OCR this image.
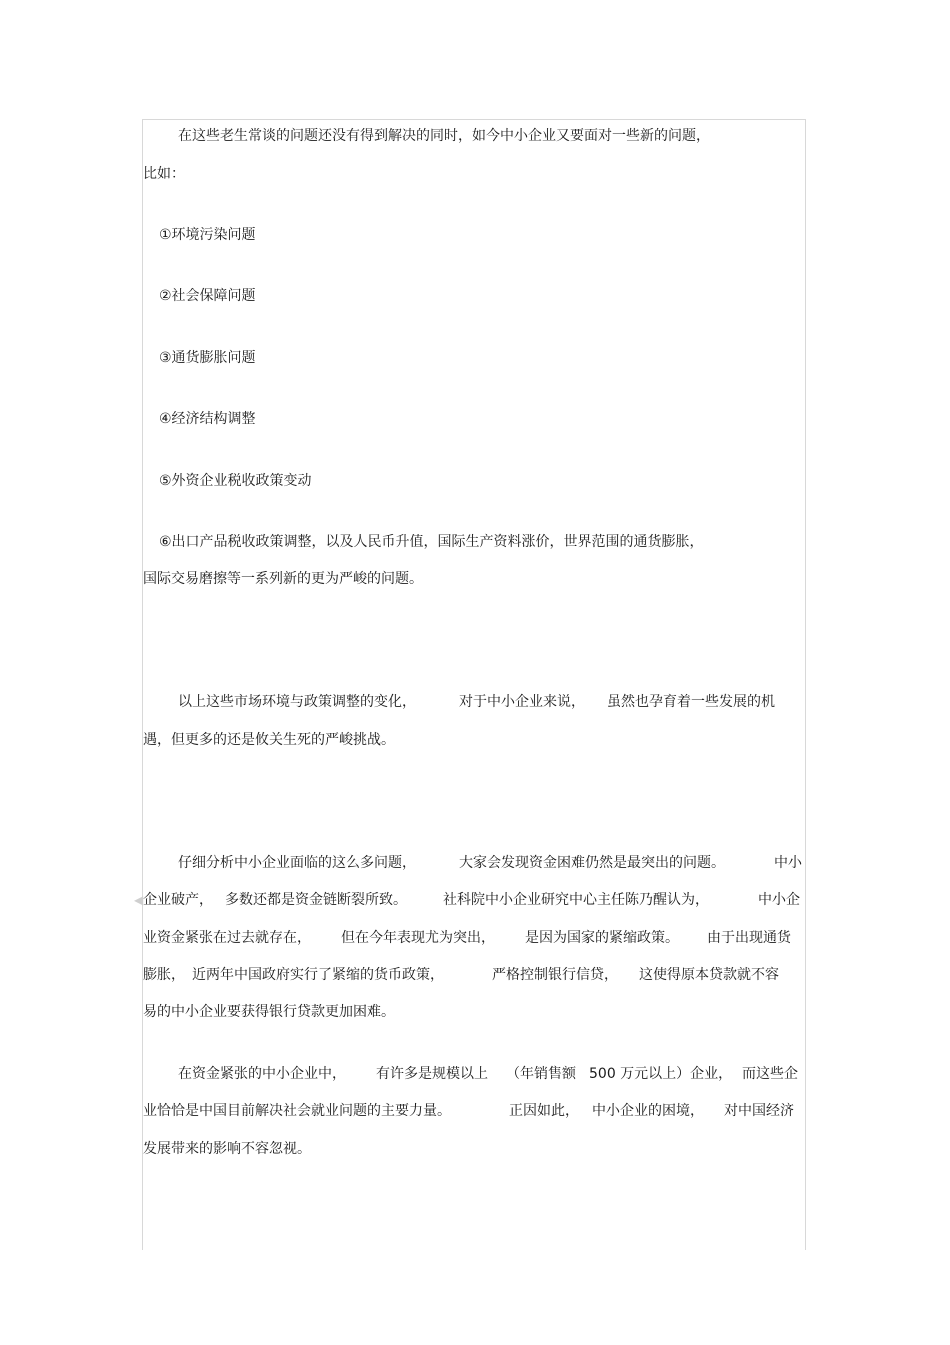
◀
在这些老生常谈的问题还没有得到解决的同时，如今中小企业又要面对一些新的问题，
比如：
①环境污染问题
②社会保障问题
③通货膨胀问题
④经济结构调整
⑤外资企业税收政策变动
⑥出口产品税收政策调整，以及人民币升值，国际生产资料涨价，世界范围的通货膨胀，
国际交易磨擦等一系列新的更为严峻的问题。
以上这些市场环境与政策调整的变化，	对于中小企业来说， 虽然也孕育着一些发展的机
遇，但更多的还是攸关生死的严峻挑战。
仔细分析中小企业面临的这么多问题，	大家会发现资金困难仍然是最突出的问题。	中小
企业破产， 多数还都是资金链断裂所致。	社科院中小企业研究中心主任陈乃醒认为，	中小企
业资金紧张在过去就存在， 但在今年表现尤为突出， 是因为国家的紧缩政策。 由于出现通货
膨胀， 近两年中国政府实行了紧缩的货币政策，	严格控制银行信贷， 这使得原本贷款就不容
易的中小企业要获得银行贷款更加困难。
在资金紧张的中小企业中， 有许多是规模以上 （年销售额 500 万元以上）企业， 而这些企
业恰恰是中国目前解决社会就业问题的主要力量。	正因如此， 中小企业的困境， 对中国经济
发展带来的影响不容忽视。
